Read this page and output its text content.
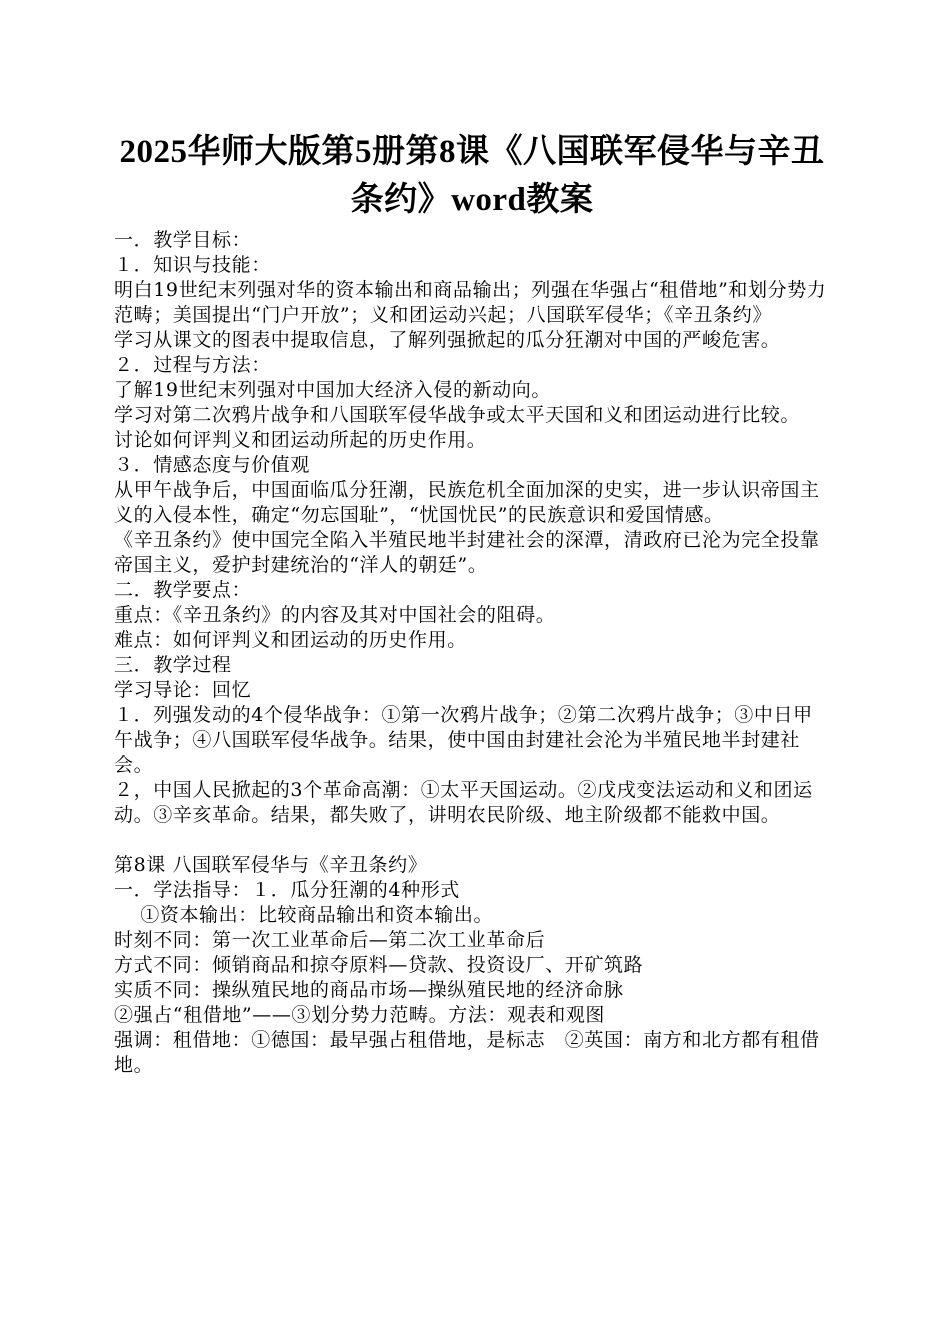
2025华师大版第5册第8课《八国联军侵华与辛丑条约》word教案

一．教学目标：

１．知识与技能：

明白19世纪末列强对华的资本输出和商品输出；列强在华强占“租借地”和划分势力范畴；美国提出“门户开放”；义和团运动兴起；八国联军侵华；《辛丑条约》

学习从课文的图表中提取信息，了解列强掀起的瓜分狂潮对中国的严峻危害。

２．过程与方法：

了解19世纪末列强对中国加大经济入侵的新动向。

学习对第二次鸦片战争和八国联军侵华战争或太平天国和义和团运动进行比较。

讨论如何评判义和团运动所起的历史作用。

３．情感态度与价值观

从甲午战争后，中国面临瓜分狂潮，民族危机全面加深的史实，进一步认识帝国主义的入侵本性，确定“勿忘国耻”，“忧国忧民”的民族意识和爱国情感。

《辛丑条约》使中国完全陷入半殖民地半封建社会的深潭，清政府已沦为完全投靠帝国主义，爱护封建统治的“洋人的朝廷”。

二．教学要点：

重点：《辛丑条约》的内容及其对中国社会的阻碍。

难点：如何评判义和团运动的历史作用。

三．教学过程

学习导论：回忆

１．列强发动的4个侵华战争：①第一次鸦片战争；②第二次鸦片战争；③中日甲午战争；④八国联军侵华战争。结果，使中国由封建社会沦为半殖民地半封建社会。

２，中国人民掀起的3个革命高潮：①太平天国运动。②戊戌变法运动和义和团运动。③辛亥革命。结果，都失败了，讲明农民阶级、地主阶级都不能救中国。

第8课 八国联军侵华与《辛丑条约》

一．学法指导：１．瓜分狂潮的4种形式

　 ①资本输出：比较商品输出和资本输出。

时刻不同：第一次工业革命后—第二次工业革命后

方式不同：倾销商品和掠夺原料—贷款、投资设厂、开矿筑路

实质不同：操纵殖民地的商品市场—操纵殖民地的经济命脉

②强占“租借地”——③划分势力范畴。方法：观表和观图

强调：租借地：①德国：最早强占租借地，是标志　②英国：南方和北方都有租借地。
